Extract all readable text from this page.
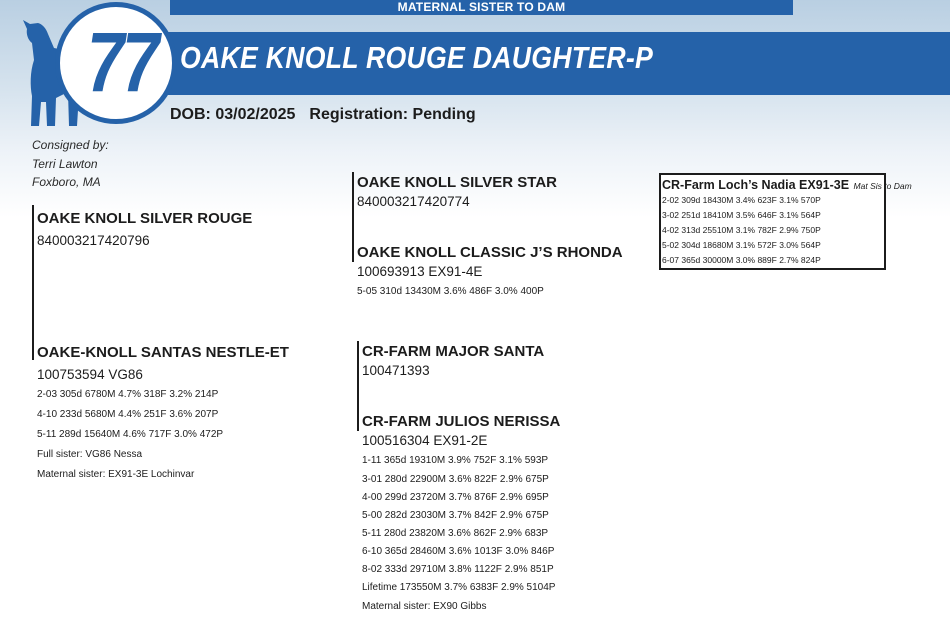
MATERNAL SISTER TO DAM
77 OAKE KNOLL ROUGE DAUGHTER-P
DOB: 03/02/2025 Registration: Pending
Consigned by:
Terri Lawton
Foxboro, MA
OAKE KNOLL SILVER ROUGE
840003217420796
OAKE-KNOLL SANTAS NESTLE-ET
100753594 VG86
2-03 305d 6780M 4.7% 318F 3.2% 214P
4-10 233d 5680M 4.4% 251F 3.6% 207P
5-11 289d 15640M 4.6% 717F 3.0% 472P
Full sister: VG86 Nessa
Maternal sister: EX91-3E Lochinvar
OAKE KNOLL SILVER STAR
840003217420774
OAKE KNOLL CLASSIC J’S RHONDA
100693913 EX91-4E
5-05 310d 13430M 3.6% 486F 3.0% 400P
CR-FARM MAJOR SANTA
100471393
CR-FARM JULIOS NERISSA
100516304 EX91-2E
1-11 365d 19310M 3.9% 752F 3.1% 593P
3-01 280d 22900M 3.6% 822F 2.9% 675P
4-00 299d 23720M 3.7% 876F 2.9% 695P
5-00 282d 23030M 3.7% 842F 2.9% 675P
5-11 280d 23820M 3.6% 862F 2.9% 683P
6-10 365d 28460M 3.6% 1013F 3.0% 846P
8-02 333d 29710M 3.8% 1122F 2.9% 851P
Lifetime 173550M 3.7% 6383F 2.9% 5104P
Maternal sister: EX90 Gibbs
CR-Farm Loch’s Nadia EX91-3E Mat Sis to Dam
2-02 309d 18430M 3.4% 623F 3.1% 570P
3-02 251d 18410M 3.5% 646F 3.1% 564P
4-02 313d 25510M 3.1% 782F 2.9% 750P
5-02 304d 18680M 3.1% 572F 3.0% 564P
6-07 365d 30000M 3.0% 889F 2.7% 824P
